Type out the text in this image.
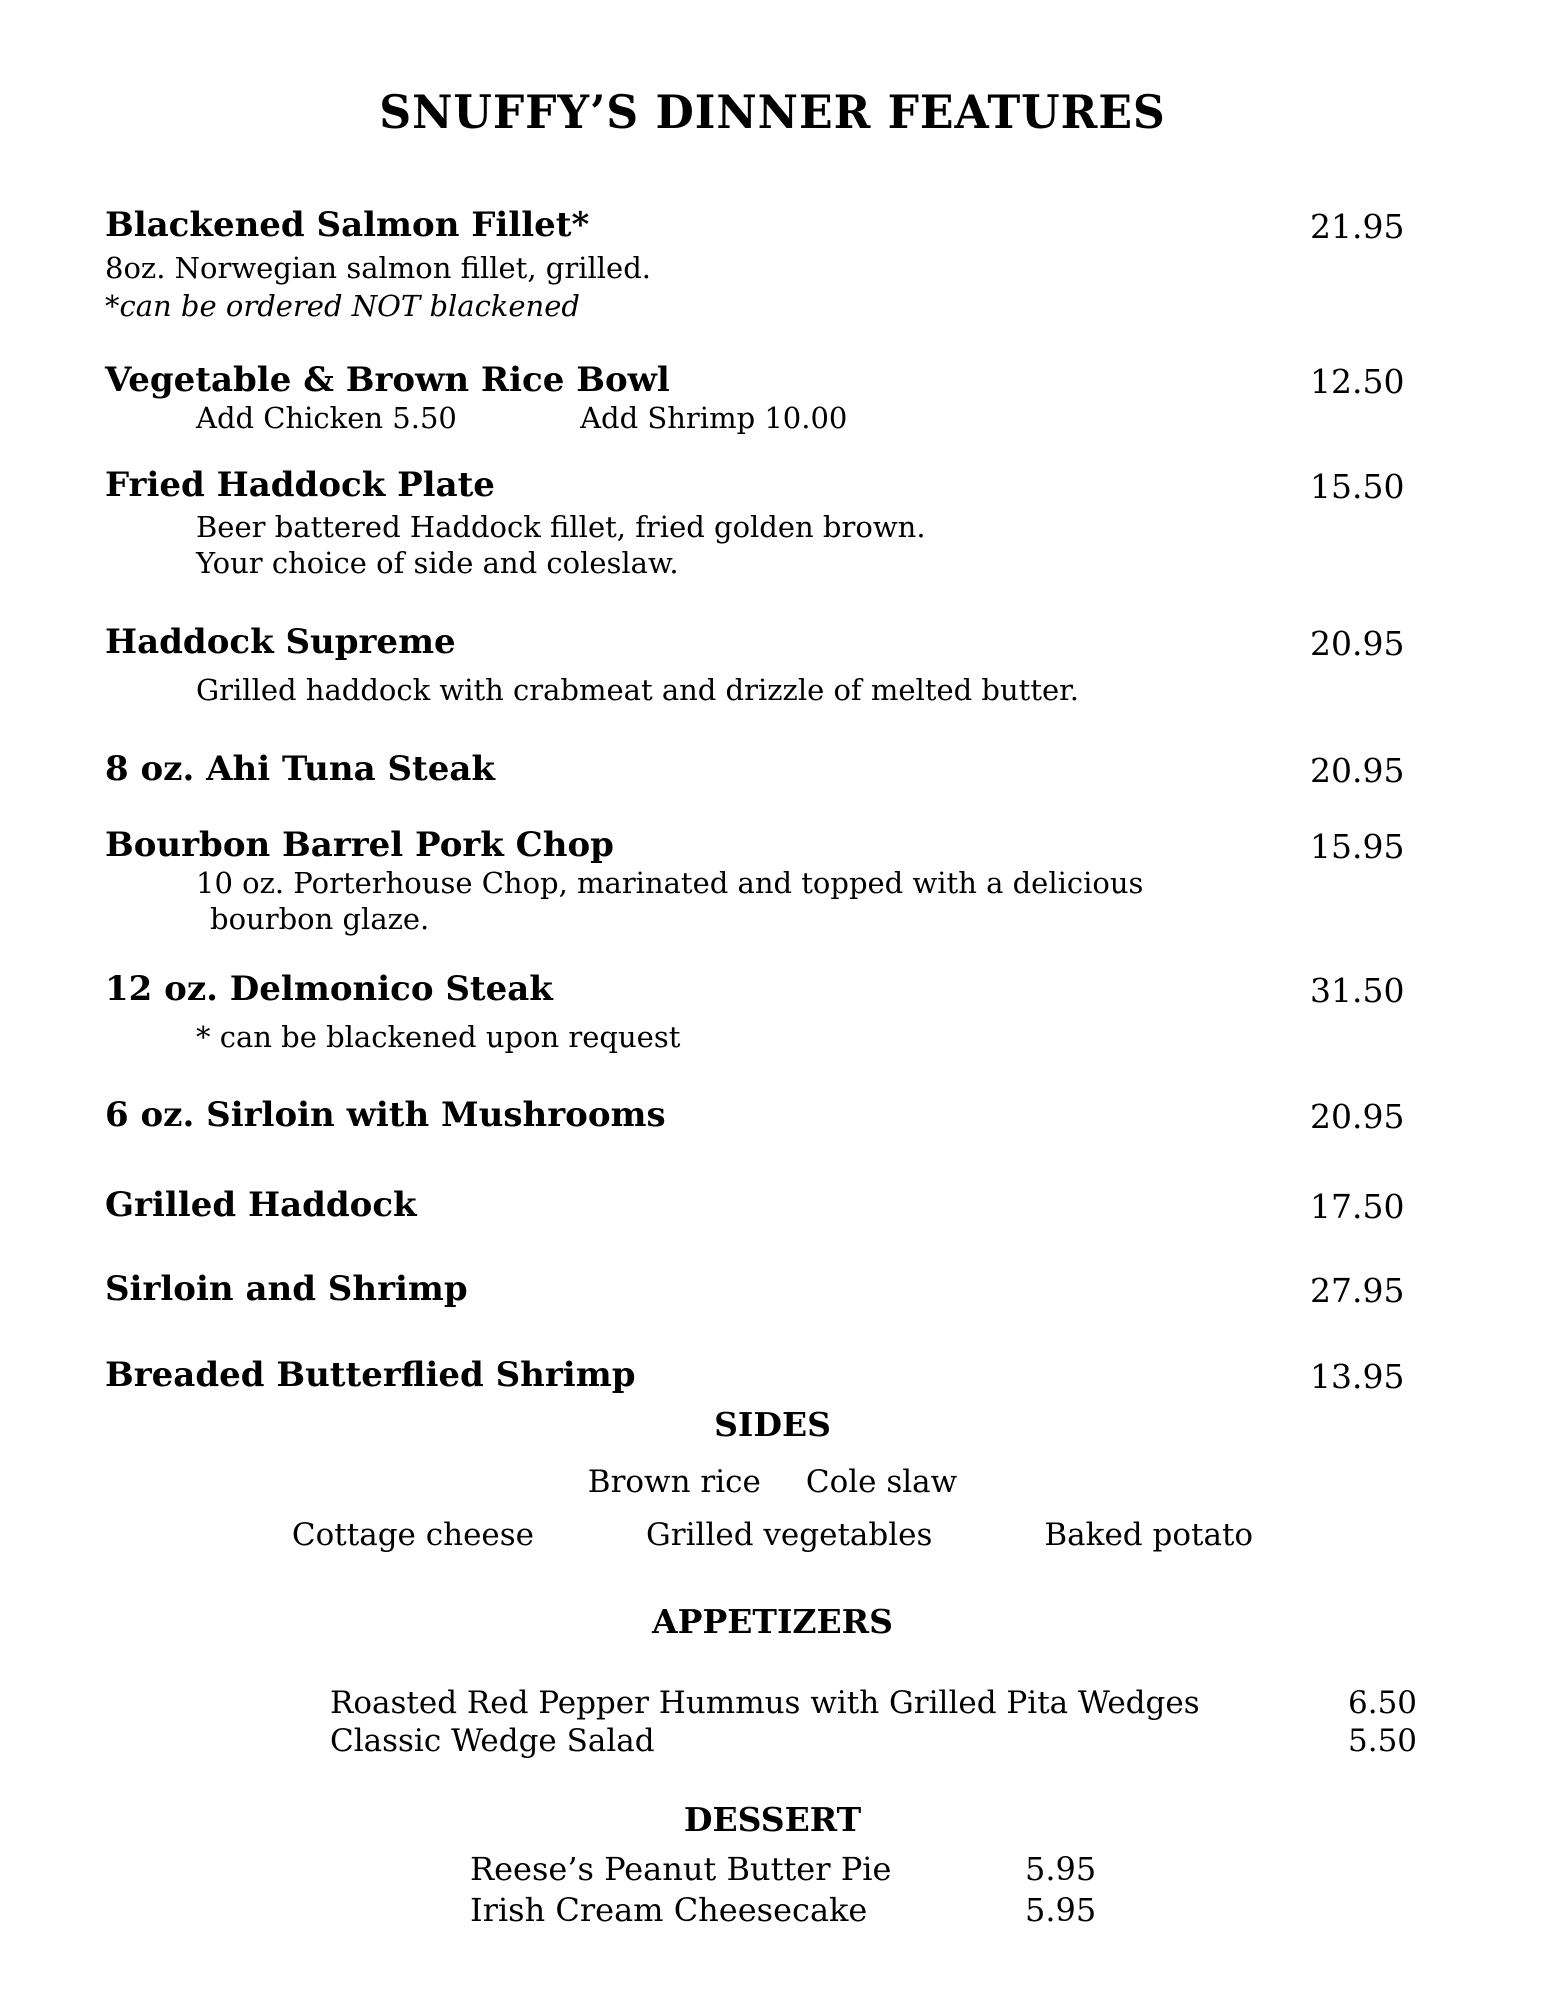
SNUFFY’S DINNER FEATURES
Blackened Salmon Fillet*	21.95
8oz. Norwegian salmon fillet, grilled.
*can be ordered NOT blackened
Vegetable & Brown Rice Bowl	12.50
Add Chicken 5.50	Add Shrimp 10.00
Fried Haddock Plate	15.50
Beer battered Haddock fillet, fried golden brown.
Your choice of side and coleslaw.
Haddock Supreme	20.95
Grilled haddock with crabmeat and drizzle of melted butter.
8 oz. Ahi Tuna Steak	20.95
Bourbon Barrel Pork Chop	15.95
10 oz. Porterhouse Chop, marinated and topped with a delicious
bourbon glaze.
12 oz. Delmonico Steak	31.50
* can be blackened upon request
6 oz. Sirloin with Mushrooms	20.95
Grilled Haddock	17.50
Sirloin and Shrimp	27.95
Breaded Butterflied Shrimp	13.95
SIDES
Brown rice Cole slaw
Cottage cheese	Grilled vegetables	Baked potato
APPETIZERS
Roasted Red Pepper Hummus with Grilled Pita Wedges	6.50
Classic Wedge Salad	5.50
DESSERT
Reese’s Peanut Butter Pie	5.95
Irish Cream Cheesecake	5.95
